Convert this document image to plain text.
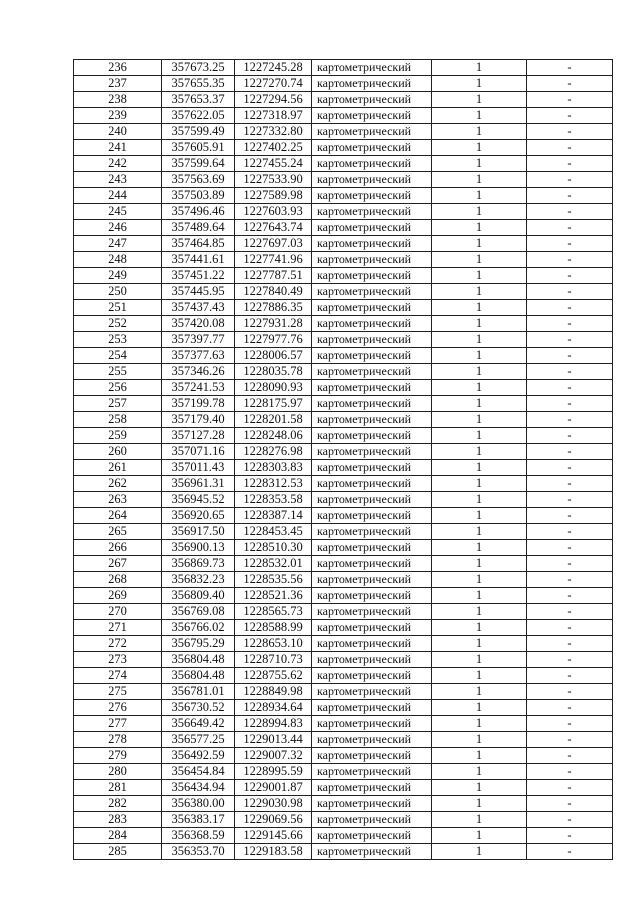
236	357673.25	1227245.28	картометрический	1	-
237	357655.35	1227270.74	картометрический	1	-
238	357653.37	1227294.56	картометрический	1	-
239	357622.05	1227318.97	картометрический	1	-
240	357599.49	1227332.80	картометрический	1	-
241	357605.91	1227402.25	картометрический	1	-
242	357599.64	1227455.24	картометрический	1	-
243	357563.69	1227533.90	картометрический	1	-
244	357503.89	1227589.98	картометрический	1	-
245	357496.46	1227603.93	картометрический	1	-
246	357489.64	1227643.74	картометрический	1	-
247	357464.85	1227697.03	картометрический	1	-
248	357441.61	1227741.96	картометрический	1	-
249	357451.22	1227787.51	картометрический	1	-
250	357445.95	1227840.49	картометрический	1	-
251	357437.43	1227886.35	картометрический	1	-
252	357420.08	1227931.28	картометрический	1	-
253	357397.77	1227977.76	картометрический	1	-
254	357377.63	1228006.57	картометрический	1	-
255	357346.26	1228035.78	картометрический	1	-
256	357241.53	1228090.93	картометрический	1	-
257	357199.78	1228175.97	картометрический	1	-
258	357179.40	1228201.58	картометрический	1	-
259	357127.28	1228248.06	картометрический	1	-
260	357071.16	1228276.98	картометрический	1	-
261	357011.43	1228303.83	картометрический	1	-
262	356961.31	1228312.53	картометрический	1	-
263	356945.52	1228353.58	картометрический	1	-
264	356920.65	1228387.14	картометрический	1	-
265	356917.50	1228453.45	картометрический	1	-
266	356900.13	1228510.30	картометрический	1	-
267	356869.73	1228532.01	картометрический	1	-
268	356832.23	1228535.56	картометрический	1	-
269	356809.40	1228521.36	картометрический	1	-
270	356769.08	1228565.73	картометрический	1	-
271	356766.02	1228588.99	картометрический	1	-
272	356795.29	1228653.10	картометрический	1	-
273	356804.48	1228710.73	картометрический	1	-
274	356804.48	1228755.62	картометрический	1	-
275	356781.01	1228849.98	картометрический	1	-
276	356730.52	1228934.64	картометрический	1	-
277	356649.42	1228994.83	картометрический	1	-
278	356577.25	1229013.44	картометрический	1	-
279	356492.59	1229007.32	картометрический	1	-
280	356454.84	1228995.59	картометрический	1	-
281	356434.94	1229001.87	картометрический	1	-
282	356380.00	1229030.98	картометрический	1	-
283	356383.17	1229069.56	картометрический	1	-
284	356368.59	1229145.66	картометрический	1	-
285	356353.70	1229183.58	картометрический	1	-
